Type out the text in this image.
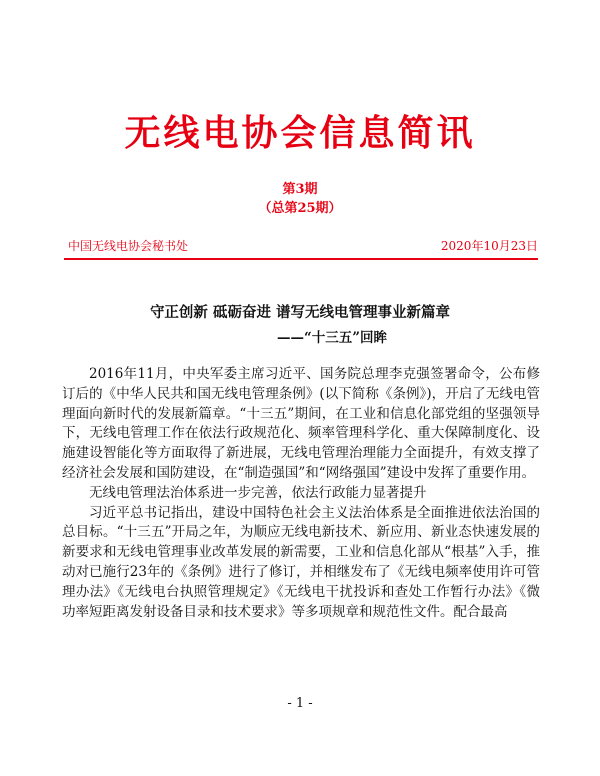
无线电协会信息简讯
第3期
（总第25期）
中国无线电协会秘书处	2020年10月23日
守正创新 砥砺奋进 谱写无线电管理事业新篇章
——“十三五”回眸

2016年11月，中央军委主席习近平、国务院总理李克强签署命令，公布修订后的《中华人民共和国无线电管理条例》(以下简称《条例》)，开启了无线电管理面向新时代的发展新篇章。“十三五”期间，在工业和信息化部党组的坚强领导下，无线电管理工作在依法行政规范化、频率管理科学化、重大保障制度化、设施建设智能化等方面取得了新进展，无线电管理治理能力全面提升，有效支撑了经济社会发展和国防建设，在“制造强国”和“网络强国”建设中发挥了重要作用。

无线电管理法治体系进一步完善，依法行政能力显著提升

习近平总书记指出，建设中国特色社会主义法治体系是全面推进依法治国的总目标。“十三五”开局之年，为顺应无线电新技术、新应用、新业态快速发展的新要求和无线电管理事业改革发展的新需要，工业和信息化部从“根基”入手，推动对已施行23年的《条例》进行了修订，并相继发布了《无线电频率使用许可管理办法》《无线电台执照管理规定》《无线电干扰投诉和查处工作暂行办法》《微功率短距离发射设备目录和技术要求》等多项规章和规范性文件。配合最高

- 1 -
